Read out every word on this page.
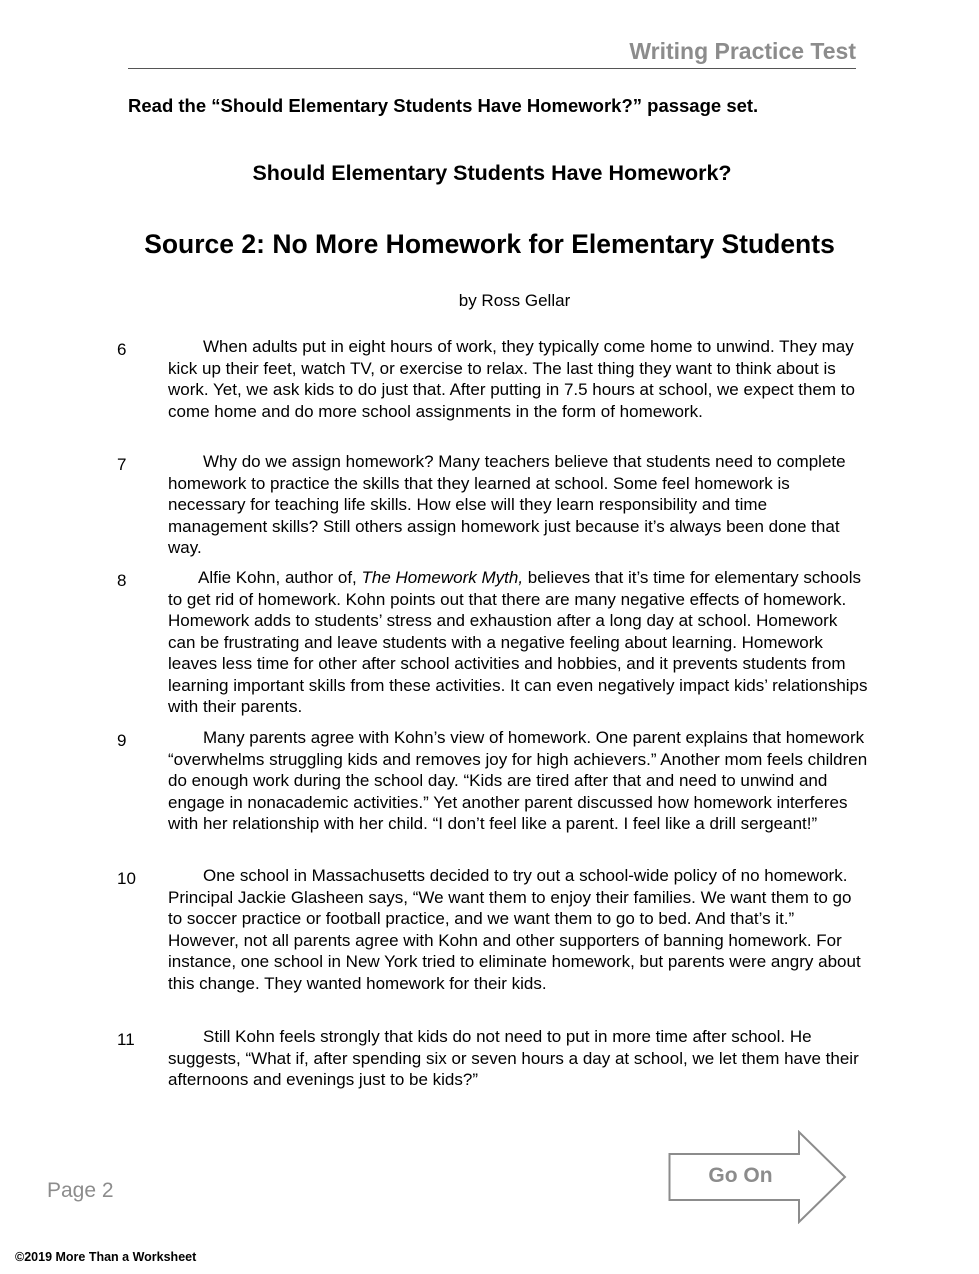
Writing Practice Test
Read the “Should Elementary Students Have Homework?” passage set.
Should Elementary Students Have Homework?
Source 2: No More Homework for Elementary Students
by Ross Gellar
6	When adults put in eight hours of work, they typically come home to unwind. They may kick up their feet, watch TV, or exercise to relax. The last thing they want to think about is work. Yet, we ask kids to do just that. After putting in 7.5 hours at school, we expect them to come home and do more school assignments in the form of homework.
7	Why do we assign homework? Many teachers believe that students need to complete homework to practice the skills that they learned at school. Some feel homework is necessary for teaching life skills. How else will they learn responsibility and time management skills? Still others assign homework just because it’s always been done that way.
8	Alfie Kohn, author of, The Homework Myth, believes that it’s time for elementary schools to get rid of homework. Kohn points out that there are many negative effects of homework. Homework adds to students’ stress and exhaustion after a long day at school. Homework can be frustrating and leave students with a negative feeling about learning. Homework leaves less time for other after school activities and hobbies, and it prevents students from learning important skills from these activities. It can even negatively impact kids’ relationships with their parents.
9	Many parents agree with Kohn’s view of homework. One parent explains that homework “overwhelms struggling kids and removes joy for high achievers.” Another mom feels children do enough work during the school day. “Kids are tired after that and need to unwind and engage in nonacademic activities.” Yet another parent discussed how homework interferes with her relationship with her child. “I don’t feel like a parent. I feel like a drill sergeant!”
10	One school in Massachusetts decided to try out a school-wide policy of no homework. Principal Jackie Glasheen says, “We want them to enjoy their families. We want them to go to soccer practice or football practice, and we want them to go to bed. And that’s it.” However, not all parents agree with Kohn and other supporters of banning homework. For instance, one school in New York tried to eliminate homework, but parents were angry about this change. They wanted homework for their kids.
11	Still Kohn feels strongly that kids do not need to put in more time after school. He suggests, “What if, after spending six or seven hours a day at school, we let them have their afternoons and evenings just to be kids?”
Page 2
Go On
©2019 More Than a Worksheet
